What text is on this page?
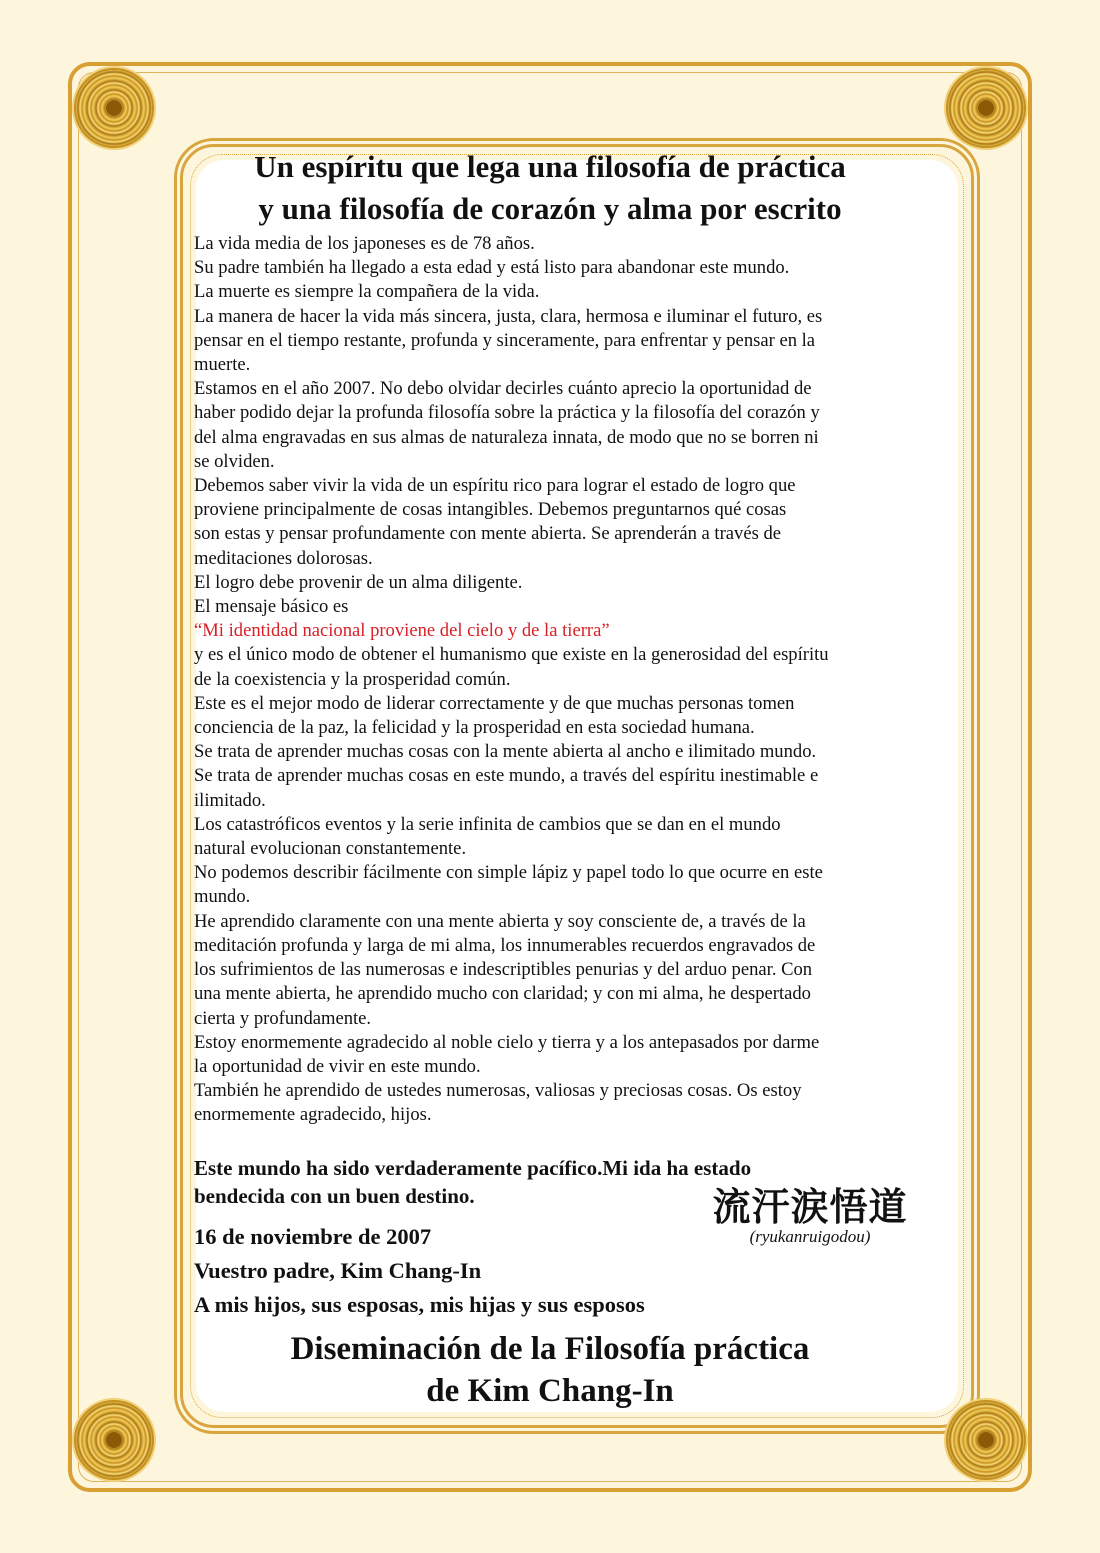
Un espíritu que lega una filosofía de práctica
y una filosofía de corazón y alma por escrito
La vida media de los japoneses es de 78 años.
Su padre también ha llegado a esta edad y está listo para abandonar este mundo.
La muerte es siempre la compañera de la vida.
La manera de hacer la vida más sincera, justa, clara, hermosa e iluminar el futuro, es
pensar en el tiempo restante, profunda y sinceramente, para enfrentar y pensar en la
muerte.
Estamos en el año 2007. No debo olvidar decirles cuánto aprecio la oportunidad de
haber podido dejar la profunda filosofía sobre la práctica y la filosofía del corazón y
del alma engravadas en sus almas de naturaleza innata, de modo que no se borren ni
se olviden.
Debemos saber vivir la vida de un espíritu rico para lograr el estado de logro que
proviene principalmente de cosas intangibles. Debemos preguntarnos qué cosas
son estas y pensar profundamente con mente abierta. Se aprenderán a través de
meditaciones dolorosas.
El logro debe provenir de un alma diligente.
El mensaje básico es
“Mi identidad nacional proviene del cielo y de la tierra”
y es el único modo de obtener el humanismo que existe en la generosidad del espíritu
de la coexistencia y la prosperidad común.
Este es el mejor modo de liderar correctamente y de que muchas personas tomen
conciencia de la paz, la felicidad y la prosperidad en esta sociedad humana.
Se trata de aprender muchas cosas con la mente abierta al ancho e ilimitado mundo.
Se trata de aprender muchas cosas en este mundo, a través del espíritu inestimable e
ilimitado.
Los catastróficos eventos y la serie infinita de cambios que se dan en el mundo
natural evolucionan constantemente.
No podemos describir fácilmente con simple lápiz y papel todo lo que ocurre en este
mundo.
He aprendido claramente con una mente abierta y soy consciente de, a través de la
meditación profunda y larga de mi alma, los innumerables recuerdos engravados de
los sufrimientos de las numerosas e indescriptibles penurias y del arduo penar. Con
una mente abierta, he aprendido mucho con claridad; y con mi alma, he despertado
cierta y profundamente.
Estoy enormemente agradecido al noble cielo y tierra y a los antepasados por darme
la oportunidad de vivir en este mundo.
También he aprendido de ustedes numerosas, valiosas y preciosas cosas. Os estoy
enormemente agradecido, hijos.
Este mundo ha sido verdaderamente pacífico.Mi ida ha estado
bendecida con un buen destino.
16 de noviembre de 2007
Vuestro padre, Kim Chang-In
A mis hijos, sus esposas, mis hijas y sus esposos
流汗涙悟道
(ryukanruigodou)
Diseminación de la Filosofía práctica
de Kim Chang-In
